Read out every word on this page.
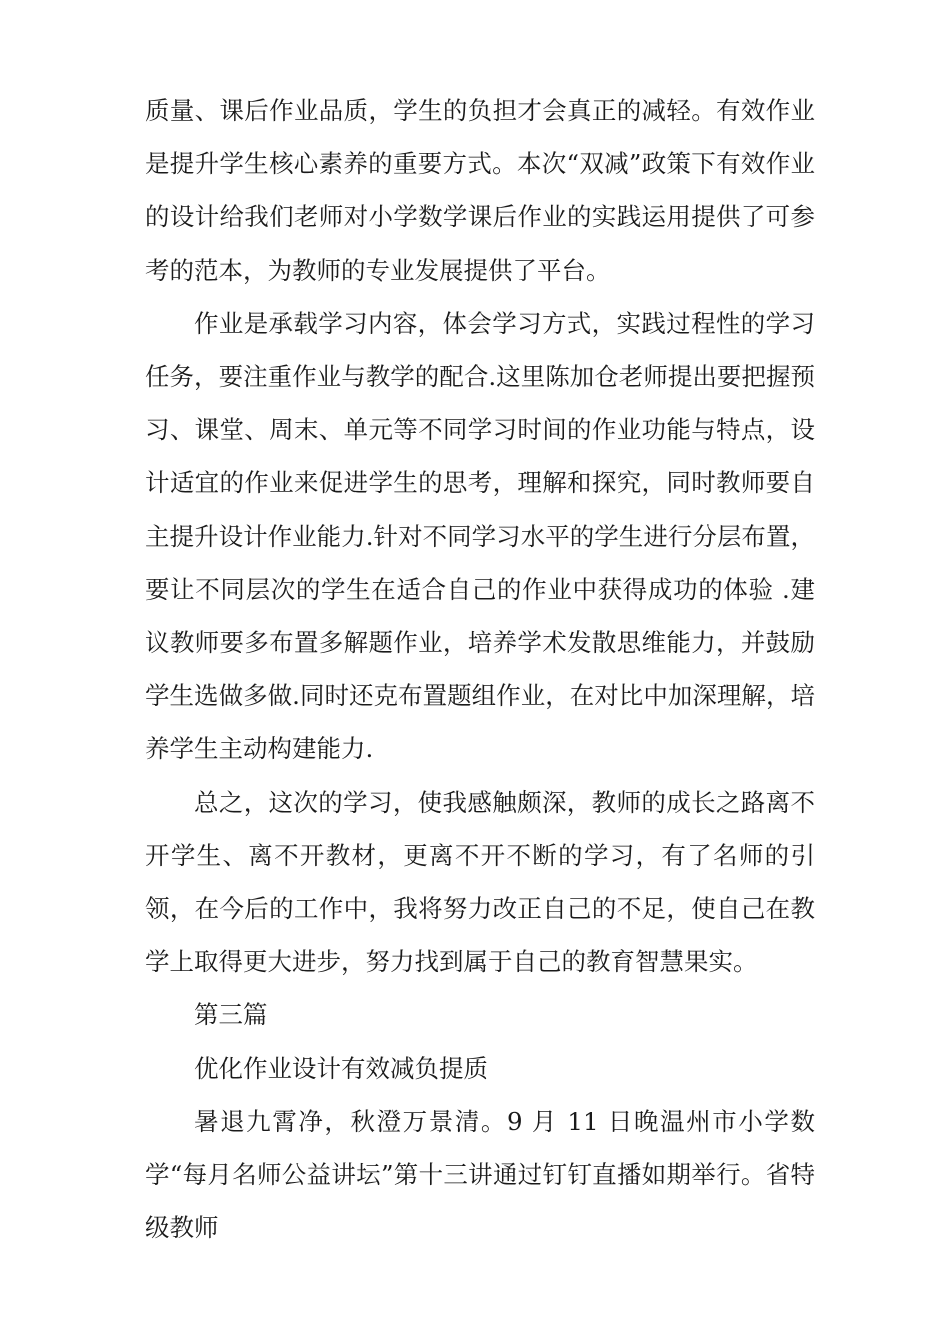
质量、课后作业品质，学生的负担才会真正的减轻。有效作业是提升学生核心素养的重要方式。本次“双减”政策下有效作业的设计给我们老师对小学数学课后作业的实践运用提供了可参考的范本，为教师的专业发展提供了平台。

作业是承载学习内容，体会学习方式，实践过程性的学习任务，要注重作业与教学的配合.这里陈加仓老师提出要把握预习、课堂、周末、单元等不同学习时间的作业功能与特点，设计适宜的作业来促进学生的思考，理解和探究，同时教师要自主提升设计作业能力.针对不同学习水平的学生进行分层布置，要让不同层次的学生在适合自己的作业中获得成功的体验 .建议教师要多布置多解题作业，培养学术发散思维能力，并鼓励学生选做多做.同时还克布置题组作业，在对比中加深理解，培养学生主动构建能力.

总之，这次的学习，使我感触颇深，教师的成长之路离不开学生、离不开教材，更离不开不断的学习，有了名师的引领，在今后的工作中，我将努力改正自己的不足，使自己在教学上取得更大进步，努力找到属于自己的教育智慧果实。

第三篇

优化作业设计有效减负提质

暑退九霄净，秋澄万景清。9 月 11 日晚温州市小学数学“每月名师公益讲坛”第十三讲通过钉钉直播如期举行。省特级教师
